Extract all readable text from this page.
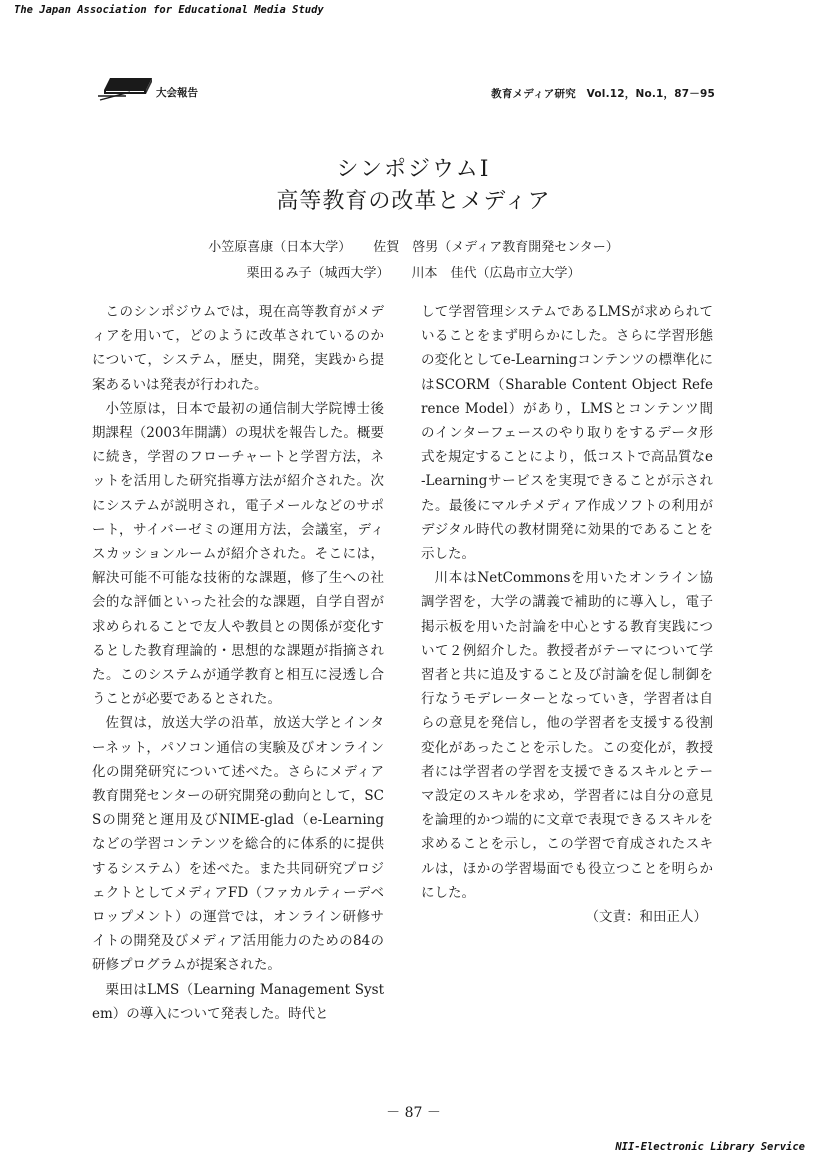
The Japan Association for Educational Media Study
大会報告	教育メディア研究　Vol.12，No.1，87－95
シンポジウムⅠ
高等教育の改革とメディア
小笠原喜康（日本大学） 佐賀　啓男（メディア教育開発センター）
栗田るみ子（城西大学） 川本　佳代（広島市立大学）

このシンポジウムでは，現在高等教育がメディアを用いて，どのように改革されているのかについて，システム，歴史，開発，実践から提案あるいは発表が行われた。

小笠原は，日本で最初の通信制大学院博士後期課程（2003年開講）の現状を報告した。概要に続き，学習のフローチャートと学習方法，ネットを活用した研究指導方法が紹介された。次にシステムが説明され，電子メールなどのサポート，サイバーゼミの運用方法，会議室，ディスカッションルームが紹介された。そこには，解決可能不可能な技術的な課題，修了生への社会的な評価といった社会的な課題，自学自習が求められることで友人や教員との関係が変化するとした教育理論的・思想的な課題が指摘された。このシステムが通学教育と相互に浸透し合うことが必要であるとされた。

佐賀は，放送大学の沿革，放送大学とインターネット，パソコン通信の実験及びオンライン化の開発研究について述べた。さらにメディア教育開発センターの研究開発の動向として，SCSの開発と運用及びNIME-glad（e-Learningなどの学習コンテンツを総合的に体系的に提供するシステム）を述べた。また共同研究プロジェクトとしてメディアFD（ファカルティーデベロップメント）の運営では，オンライン研修サイトの開発及びメディア活用能力のための84の研修プログラムが提案された。

栗田はLMS（Learning Management System）の導入について発表した。時代と

して学習管理システムであるLMSが求められていることをまず明らかにした。さらに学習形態の変化としてe-Learningコンテンツの標準化にはSCORM（Sharable Content Object Reference Model）があり，LMSとコンテンツ間のインターフェースのやり取りをするデータ形式を規定することにより，低コストで高品質なe-Learningサービスを実現できることが示された。最後にマルチメディア作成ソフトの利用がデジタル時代の教材開発に効果的であることを示した。

川本はNetCommonsを用いたオンライン協調学習を，大学の講義で補助的に導入し，電子掲示板を用いた討論を中心とする教育実践について２例紹介した。教授者がテーマについて学習者と共に追及すること及び討論を促し制御を行なうモデレーターとなっていき，学習者は自らの意見を発信し，他の学習者を支援する役割変化があったことを示した。この変化が，教授者には学習者の学習を支援できるスキルとテーマ設定のスキルを求め，学習者には自分の意見を論理的かつ端的に文章で表現できるスキルを求めることを示し，この学習で育成されたスキルは，ほかの学習場面でも役立つことを明らかにした。

（文責：和田正人）

－ 87 －
NII-Electronic Library Service
